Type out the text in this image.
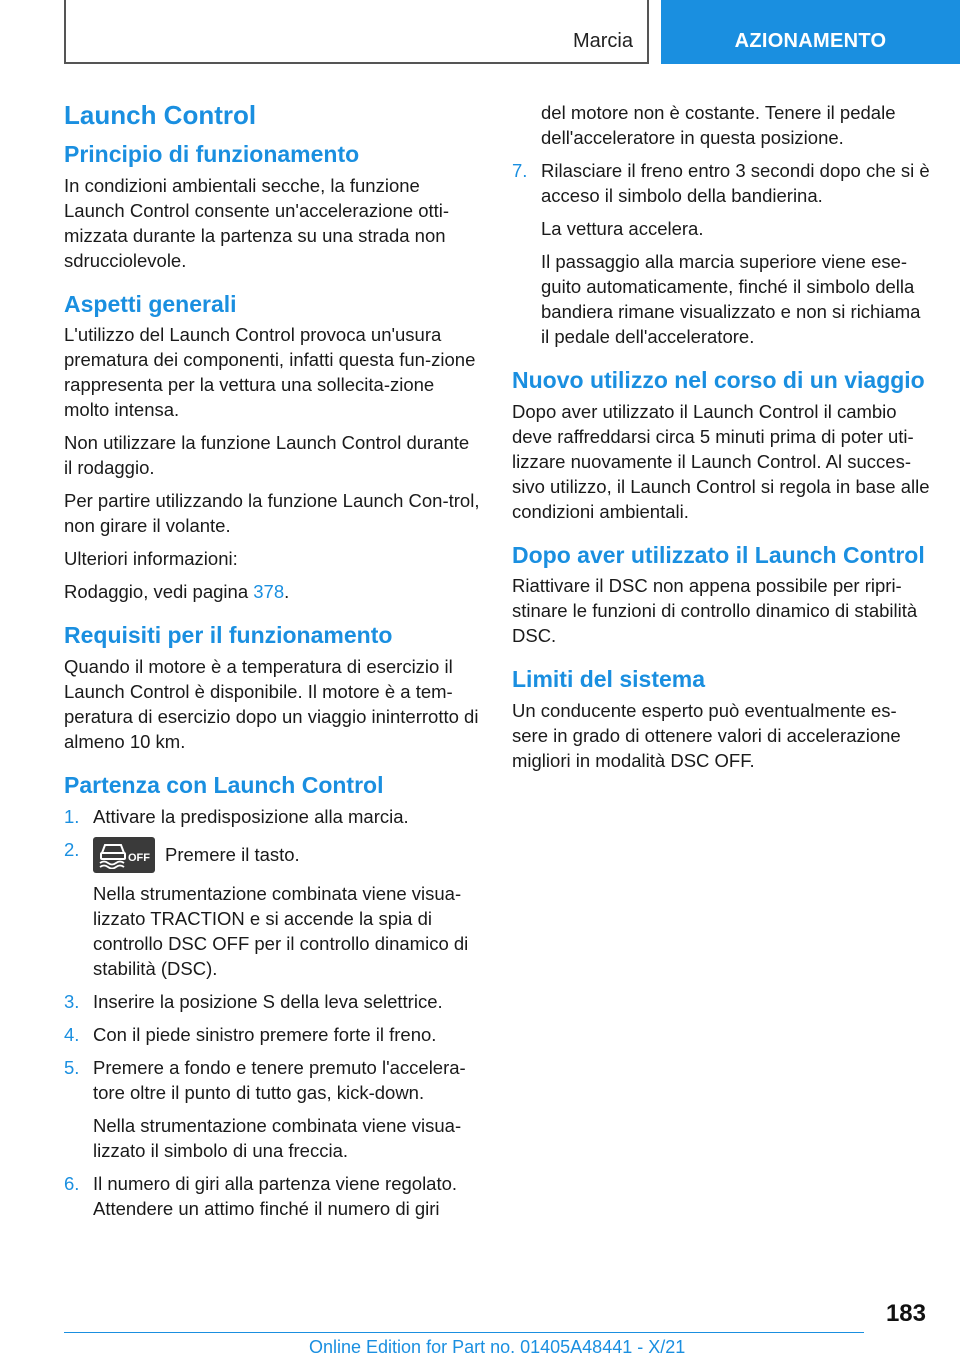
Marcia	AZIONAMENTO
Launch Control
Principio di funzionamento

In condizioni ambientali secche, la funzione Launch Control consente un'accelerazione otti-mizzata durante la partenza su una strada non sdrucciolevole.

Aspetti generali

L'utilizzo del Launch Control provoca un'usura prematura dei componenti, infatti questa fun-zione rappresenta per la vettura una sollecita-zione molto intensa.

Non utilizzare la funzione Launch Control durante il rodaggio.

Per partire utilizzando la funzione Launch Con-trol, non girare il volante.

Ulteriori informazioni:

Rodaggio, vedi pagina 378.

Requisiti per il funzionamento

Quando il motore è a temperatura di esercizio il Launch Control è disponibile. Il motore è a tem-peratura di esercizio dopo un viaggio ininterrotto di almeno 10 km.

Partenza con Launch Control
1. Attivare la predisposizione alla marcia.

2.	OFF Premere il tasto.

Nella strumentazione combinata viene visua-lizzato TRACTION e si accende la spia di controllo DSC OFF per il controllo dinamico di stabilità (DSC).

3. Inserire la posizione S della leva selettrice.

4. Con il piede sinistro premere forte il freno.

5. Premere a fondo e tenere premuto l'accelera-tore oltre il punto di tutto gas, kick-down.

Nella strumentazione combinata viene visua-lizzato il simbolo di una freccia.

6. Il numero di giri alla partenza viene regolato. Attendere un attimo finché il numero di giri

del motore non è costante. Tenere il pedale dell'acceleratore in questa posizione.

7. Rilasciare il freno entro 3 secondi dopo che si è acceso il simbolo della bandierina.

La vettura accelera.

Il passaggio alla marcia superiore viene ese-guito automaticamente, finché il simbolo della bandiera rimane visualizzato e non si richiama il pedale dell'acceleratore.

Nuovo utilizzo nel corso di un viaggio

Dopo aver utilizzato il Launch Control il cambio deve raffreddarsi circa 5 minuti prima di poter uti-lizzare nuovamente il Launch Control. Al succes-sivo utilizzo, il Launch Control si regola in base alle condizioni ambientali.

Dopo aver utilizzato il Launch Control

Riattivare il DSC non appena possibile per ripri-stinare le funzioni di controllo dinamico di stabilità DSC.

Limiti del sistema

Un conducente esperto può eventualmente es-sere in grado di ottenere valori di accelerazione migliori in modalità DSC OFF.

183
Online Edition for Part no. 01405A48441 - X/21
